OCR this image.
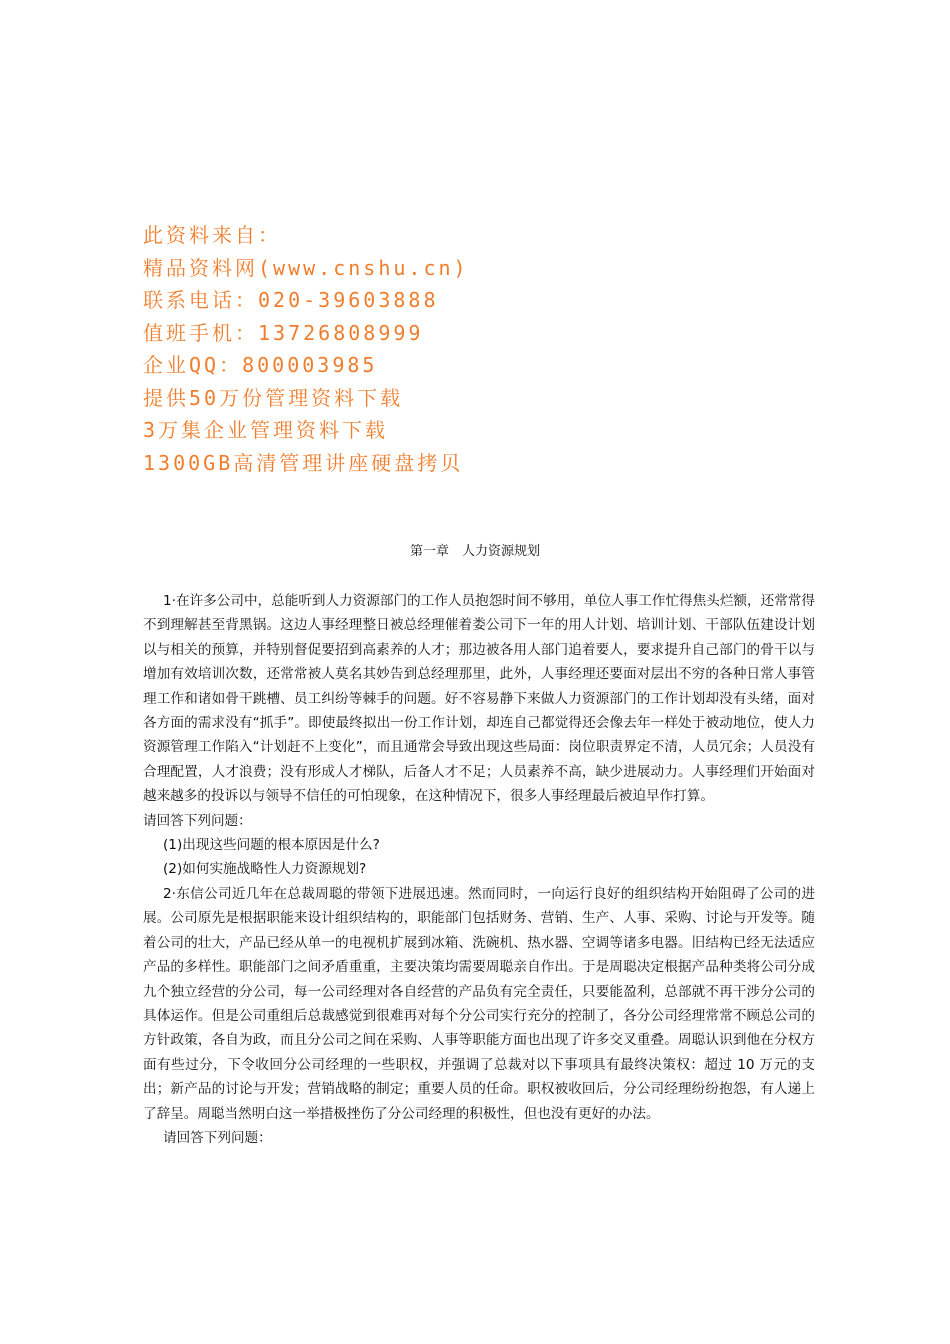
此资料来自：
精品资料网(www.cnshu.cn)
联系电话：020-39603888
值班手机：13726808999
企业QQ：800003985
提供50万份管理资料下载
3万集企业管理资料下载
1300GB高清管理讲座硬盘拷贝
第一章　人力资源规划

1·在许多公司中，总能听到人力资源部门的工作人员抱怨时间不够用，单位人事工作忙得焦头烂额，还常常得不到理解甚至背黑锅。这边人事经理整日被总经理催着娄公司下一年的用人计划、培训计划、干部队伍建设计划以与相关的预算，并特别督促要招到高素养的人才；那边被各用人部门追着要人，要求提升自己部门的骨干以与增加有效培训次数，还常常被人莫名其妙告到总经理那里，此外，人事经理还要面对层出不穷的各种日常人事管理工作和诸如骨干跳槽、员工纠纷等棘手的问题。好不容易静下来做人力资源部门的工作计划却没有头绪，面对各方面的需求没有“抓手”。即使最终拟出一份工作计划，却连自己都觉得还会像去年一样处于被动地位，使人力资源管理工作陷入“计划赶不上变化”，而且通常会导致出现这些局面：岗位职责界定不清，人员冗余；人员没有合理配置，人才浪费；没有形成人才梯队，后备人才不足；人员素养不高，缺少进展动力。人事经理们开始面对越来越多的投诉以与领导不信任的可怕现象，在这种情况下，很多人事经理最后被迫早作打算。

请回答下列问题：

(1)出现这些问题的根本原因是什么?

(2)如何实施战略性人力资源规划?

2·东信公司近几年在总裁周聪的带领下进展迅速。然而同时，一向运行良好的组织结构开始阻碍了公司的进展。公司原先是根据职能来设计组织结构的，职能部门包括财务、营销、生产、人事、采购、讨论与开发等。随着公司的壮大，产品已经从单一的电视机扩展到冰箱、洗碗机、热水器、空调等诸多电器。旧结构已经无法适应产品的多样性。职能部门之间矛盾重重，主要决策均需要周聪亲自作出。于是周聪决定根据产品种类将公司分成九个独立经营的分公司，每一公司经理对各自经营的产品负有完全责任，只要能盈利，总部就不再干涉分公司的具体运作。但是公司重组后总裁感觉到很难再对每个分公司实行充分的控制了，各分公司经理常常不顾总公司的方针政策，各自为政，而且分公司之间在采购、人事等职能方面也出现了许多交叉重叠。周聪认识到他在分权方面有些过分，下令收回分公司经理的一些职权，并强调了总裁对以下事项具有最终决策权：超过 10 万元的支出；新产品的讨论与开发；营销战略的制定；重要人员的任命。职权被收回后，分公司经理纷纷抱怨，有人递上了辞呈。周聪当然明白这一举措极挫伤了分公司经理的积极性，但也没有更好的办法。

请回答下列问题：
